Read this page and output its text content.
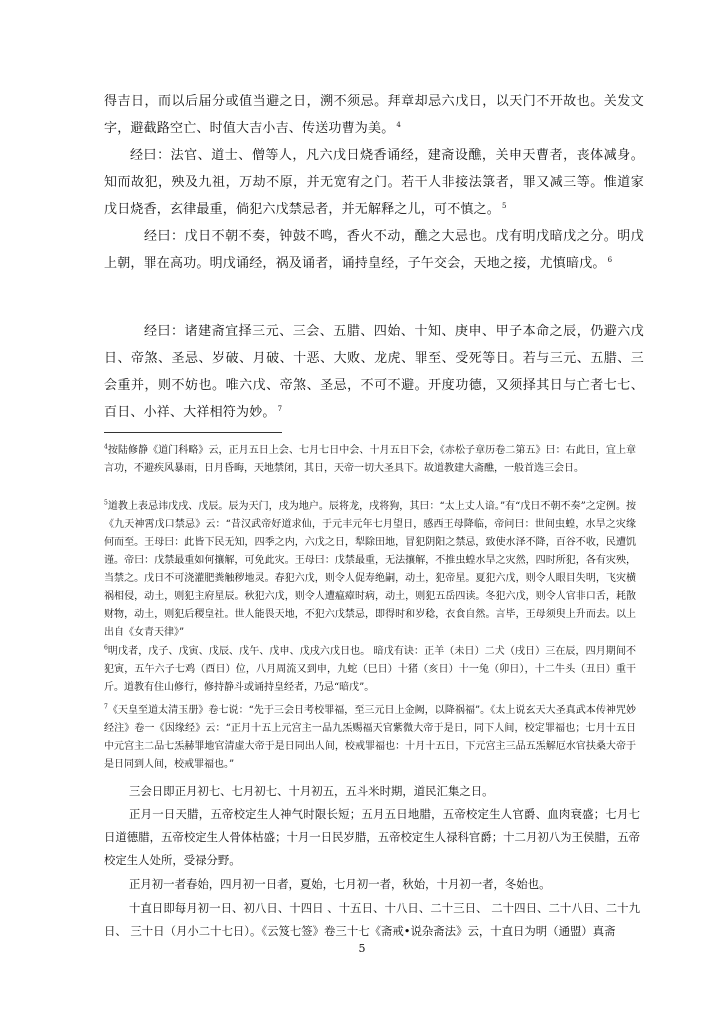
得吉日，而以后届分或值当避之日，溯不须忌。拜章却忌六戊日，以天门不开故也。关发文字，避截路空亡、时值大吉小吉、传送功曹为美。 $^4$

经曰：法官、道士、僧等人，凡六戊日烧香诵经，建斋设醮，关申天曹者，丧体减身。知而故犯，殃及九祖，万劫不原，并无宽宥之门。若干人非接法箓者，罪又减三等。惟道家戊日烧香，玄律最重，倘犯六戊禁忌者，并无解释之儿，可不慎之。 $^5$

经曰：戊日不朝不奏，钟鼓不鸣，香火不动，醮之大忌也。戊有明戊暗戊之分。明戊上朝，罪在高功。明戊诵经，祸及诵者，诵持皇经，子午交会，天地之接，尤慎暗戊。 $^6$

经曰：诸建斋宜择三元、三会、五腊、四始、十知、庚申、甲子本命之辰，仍避六戊日、帝煞、圣忌、岁破、月破、十恶、大败、龙虎、罪至、受死等日。若与三元、五腊、三会重并，则不妨也。唯六戊、帝煞、圣忌，不可不避。开度功德，又须择其日与亡者七七、百日、小祥、大祥相符为妙。 $^7$

$^4$按陆修静《道门科略》云，正月五日上会、七月七日中会、十月五日下会，《赤松子章历卷二第五》曰：右此日，宜上章言功，不避疾风暴雨，日月昏晦，天地禁闭，其日，天帝一切大圣具下。故道教建大斋醮，一般首选三会日。

$^5$道教上表忌讳戊戌、戊辰。辰为天门，戌为地户。辰将龙，戌将狗，其曰：“太上丈人谙。”有“戊日不朝不奏”之定例。按《九天神霄戊口禁忌》云：“昔汉武帝好道求仙，于元丰元年七月望日，感西王母降临，帝问曰：世间虫蝗，水旱之灾缘何而至。王母曰：此皆下民无知，四季之内，六戊之日，犁除田地，冒犯阴阳之禁忌，致使水泽不降，百谷不收，民遭饥谨。帝曰：戊禁最重如何攘解，可免此灾。王母曰：戊禁最重，无法攘解，不推虫蝗水旱之灾然，四时所犯，各有灾殃，当禁之。戊日不可浇灌肥粪触秽地灵。春犯六戊，则令人促寿绝嗣，动土，犯帝星。夏犯六戊，则令人眼目失明，飞灾横祸相侵，动土，则犯主府星辰。秋犯六戊，则令人遭瘟瘴时病，动土，则犯五岳四读。冬犯六戊，则令人官非口舌，耗散财物，动土，则犯后稷皇社。世人能畏天地，不犯六戊禁忌，即得时和岁稔，衣食自然。言毕，王母须臾上升而去。以上出自《女青天律》”

$^6$明戊者，戊子、戊寅、戊辰、戊午、戊申、戊戌六戊日也。 暗戊有诀：正羊（未日）二犬（戌日）三在辰，四月期间不犯寅，五午六子七鸡（酉日）位，八月周流又到申，九蛇（巳日）十猪（亥日）十一兔（卯日），十二牛头（丑日）重干斤。道教有住山修行，修持静斗或诵持皇经者，乃忌“暗戊”。

$^7$《天皇至道太清玉册》卷七说：“先于三会日考校罪福，至三元日上金阙，以降祸福”。《太上说玄天大圣真武本传神咒妙经注》卷一《因缘经》云：“正月十五上元宫主一品九炁赐福天官紫微大帝于是日，同下人间，校定罪福也；七月十五日中元宫主二品七炁赫罪地官清虚大帝于是日同出人间，校戒罪福也：十月十五日，下元宫主三品五炁解厄水官扶桑大帝于是日同到人间，校戒罪福也。”

三会日即正月初七、七月初七、十月初五，五斗米时期，道民汇集之日。

正月一日天腊，五帝校定生人神气时限长短；五月五日地腊，五帝校定生人官爵、血肉衰盛；七月七日道德腊，五帝校定生人骨体枯盛；十月一日民岁腊，五帝校定生人禄科官爵；十二月初八为王侯腊，五帝校定生人处所，受禄分野。

正月初一者春始，四月初一日者，夏始，七月初一者，秋始，十月初一者，冬始也。

十直日即每月初一日、初八日、十四日 、十五日、十八日、二十三日、 二十四日、二十八日、二十九日、 三十日（月小二十七日）。《云笈七签》卷三十七《斋戒•说杂斋法》云，十直日为明（通盟）真斋

5
